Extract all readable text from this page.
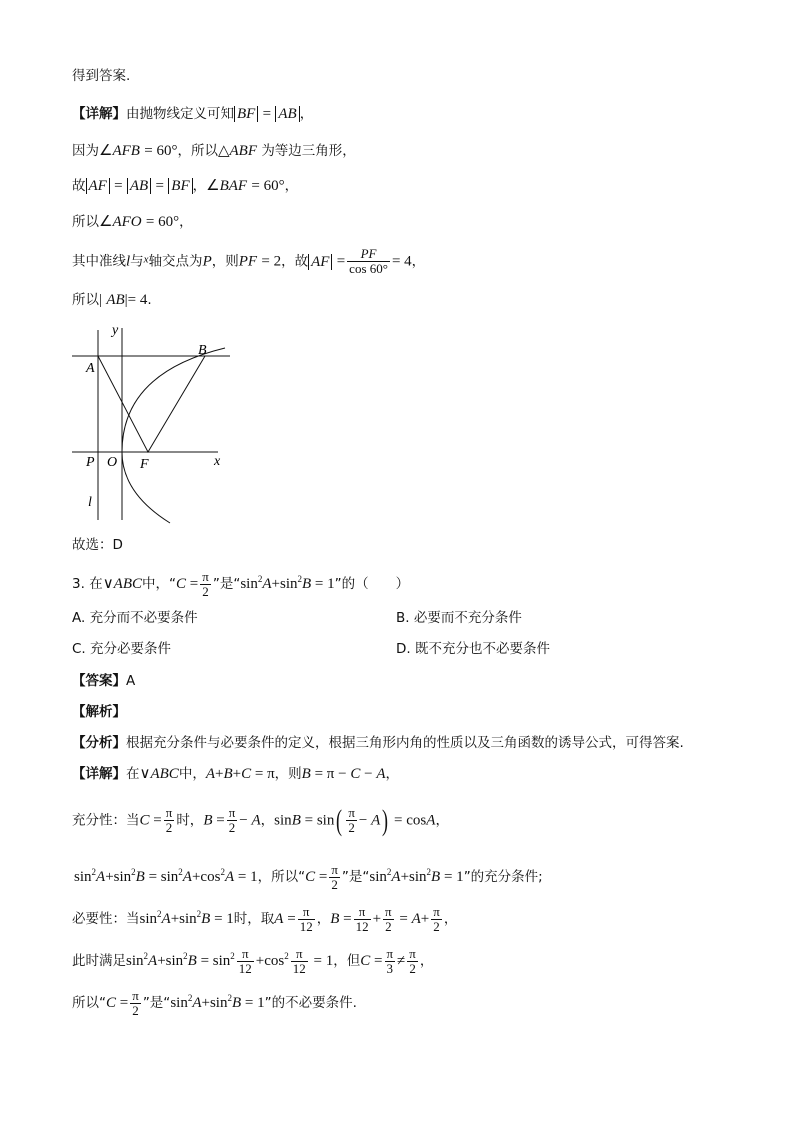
得到答案.
【详解】由抛物线定义可知 BF = AB ，
因为∠AFB = 60°，所以△ABF 为等边三角形，
故 AF = AB = BF ，∠BAF = 60°，
所以∠AFO = 60°，
其中准线l与$^x$轴交点为P，则PF = 2，故 AF = $\frac{PF}{\cos 60^\circ} = 4$，
所以| AB|= 4.
y
x
A
B
P O F
l
故选：D
3. 在∨ABC中，“$C = \frac{\pi}{2}$ ”是“$\sin^2A+\sin^2B = 1$”的（　　）
A. 充分而不必要条件	B. 必要而不充分条件
C. 充分必要条件	D. 既不充分也不必要条件
【答案】A
【解析】
【分析】根据充分条件与必要条件的定义，根据三角形内角的性质以及三角函数的诱导公式，可得答案.
【详解】在∨ABC中，A+B+C = π，则B = π − C − A，
充分性：当$C = \frac{\pi}{2}$ 时，$B = \frac{\pi}{2} - A$，$\sin B = \sin( \frac{\pi}{2} - A) = \cos A$，
$\sin^2A+\sin^2B = \sin^2A+\cos^2A = 1$，所以“$C = \frac{\pi}{2}$ ”是“$\sin^2A+\sin^2B = 1$”的充分条件;
必要性：当$\sin^2A+\sin^2B = 1$时，取$A = \frac{\pi}{12}$ ，$B = \frac{\pi}{12} + \frac{\pi}{2} = A+ \frac{\pi}{2}$ ，
此时满足$\sin^2A+\sin^2B = \sin^2 \frac{\pi}{12} +\cos^2 \frac{\pi}{12} = 1$，但$C = \frac{\pi}{3} \ne \frac{\pi}{2}$ ，
所以“$C = \frac{\pi}{2}$ ”是“$\sin^2A+\sin^2B = 1$”的不必要条件.
